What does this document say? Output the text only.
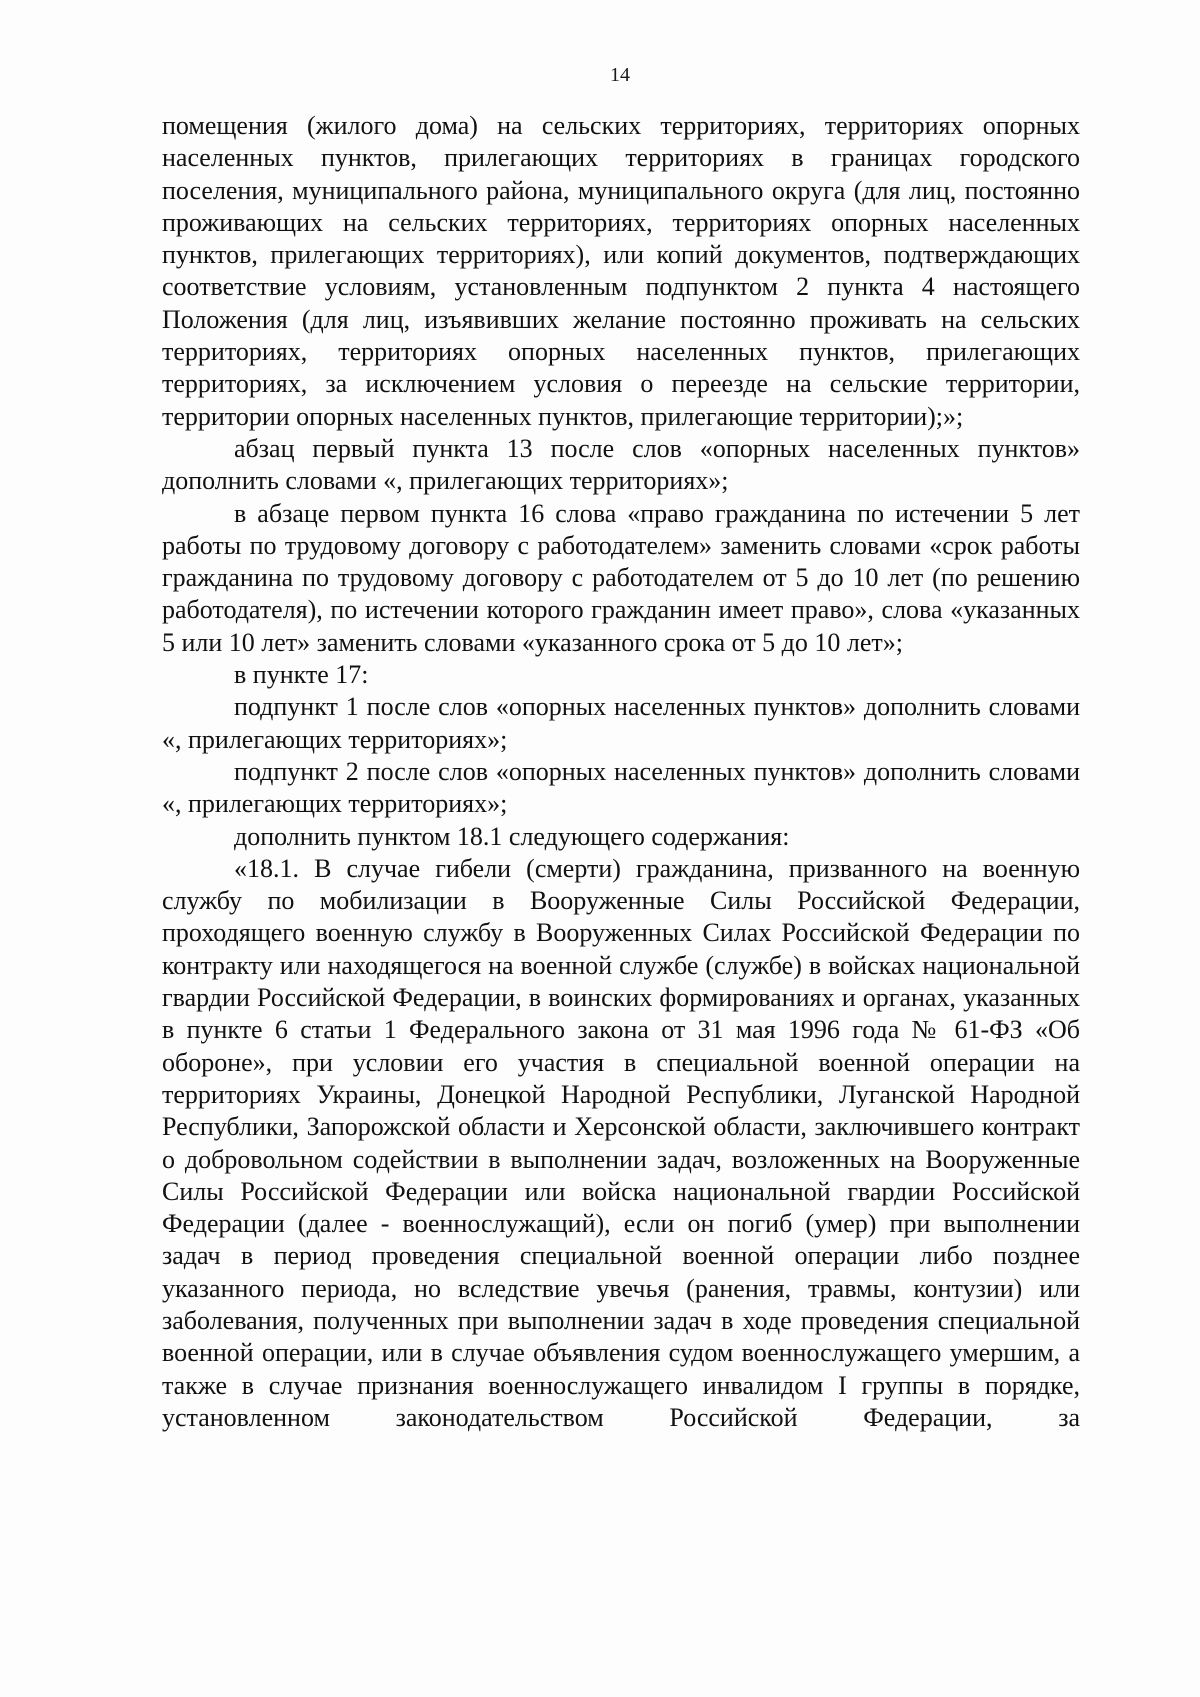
14

помещения (жилого дома) на сельских территориях, территориях опорных населенных пунктов, прилегающих территориях в границах городского поселения, муниципального района, муниципального округа (для лиц, постоянно проживающих на сельских территориях, территориях опорных населенных пунктов, прилегающих территориях), или копий документов, подтверждающих соответствие условиям, установленным подпунктом 2 пункта 4 настоящего Положения (для лиц, изъявивших желание постоянно проживать на сельских территориях, территориях опорных населенных пунктов, прилегающих территориях, за исключением условия о переезде на сельские территории, территории опорных населенных пунктов, прилегающие территории);»;

абзац первый пункта 13 после слов «опорных населенных пунктов» дополнить словами «, прилегающих территориях»;

в абзаце первом пункта 16 слова «право гражданина по истечении 5 лет работы по трудовому договору с работодателем» заменить словами «срок работы гражданина по трудовому договору с работодателем от 5 до 10 лет (по решению работодателя), по истечении которого гражданин имеет право», слова «указанных 5 или 10 лет» заменить словами «указанного срока от 5 до 10 лет»;

в пункте 17:

подпункт 1 после слов «опорных населенных пунктов» дополнить словами «, прилегающих территориях»;

подпункт 2 после слов «опорных населенных пунктов» дополнить словами «, прилегающих территориях»;

дополнить пунктом 18.1 следующего содержания:

«18.1. В случае гибели (смерти) гражданина, призванного на военную службу по мобилизации в Вооруженные Силы Российской Федерации, проходящего военную службу в Вооруженных Силах Российской Федерации по контракту или находящегося на военной службе (службе) в войсках национальной гвардии Российской Федерации, в воинских формированиях и органах, указанных в пункте 6 статьи 1 Федерального закона от 31 мая 1996 года № 61-ФЗ «Об обороне», при условии его участия в специальной военной операции на территориях Украины, Донецкой Народной Республики, Луганской Народной Республики, Запорожской области и Херсонской области, заключившего контракт о добровольном содействии в выполнении задач, возложенных на Вооруженные Силы Российской Федерации или войска национальной гвардии Российской Федерации (далее - военнослужащий), если он погиб (умер) при выполнении задач в период проведения специальной военной операции либо позднее указанного периода, но вследствие увечья (ранения, травмы, контузии) или заболевания, полученных при выполнении задач в ходе проведения специальной военной операции, или в случае объявления судом военнослужащего умершим, а также в случае признания военнослужащего инвалидом I группы в порядке, установленном законодательством Российской Федерации, за
